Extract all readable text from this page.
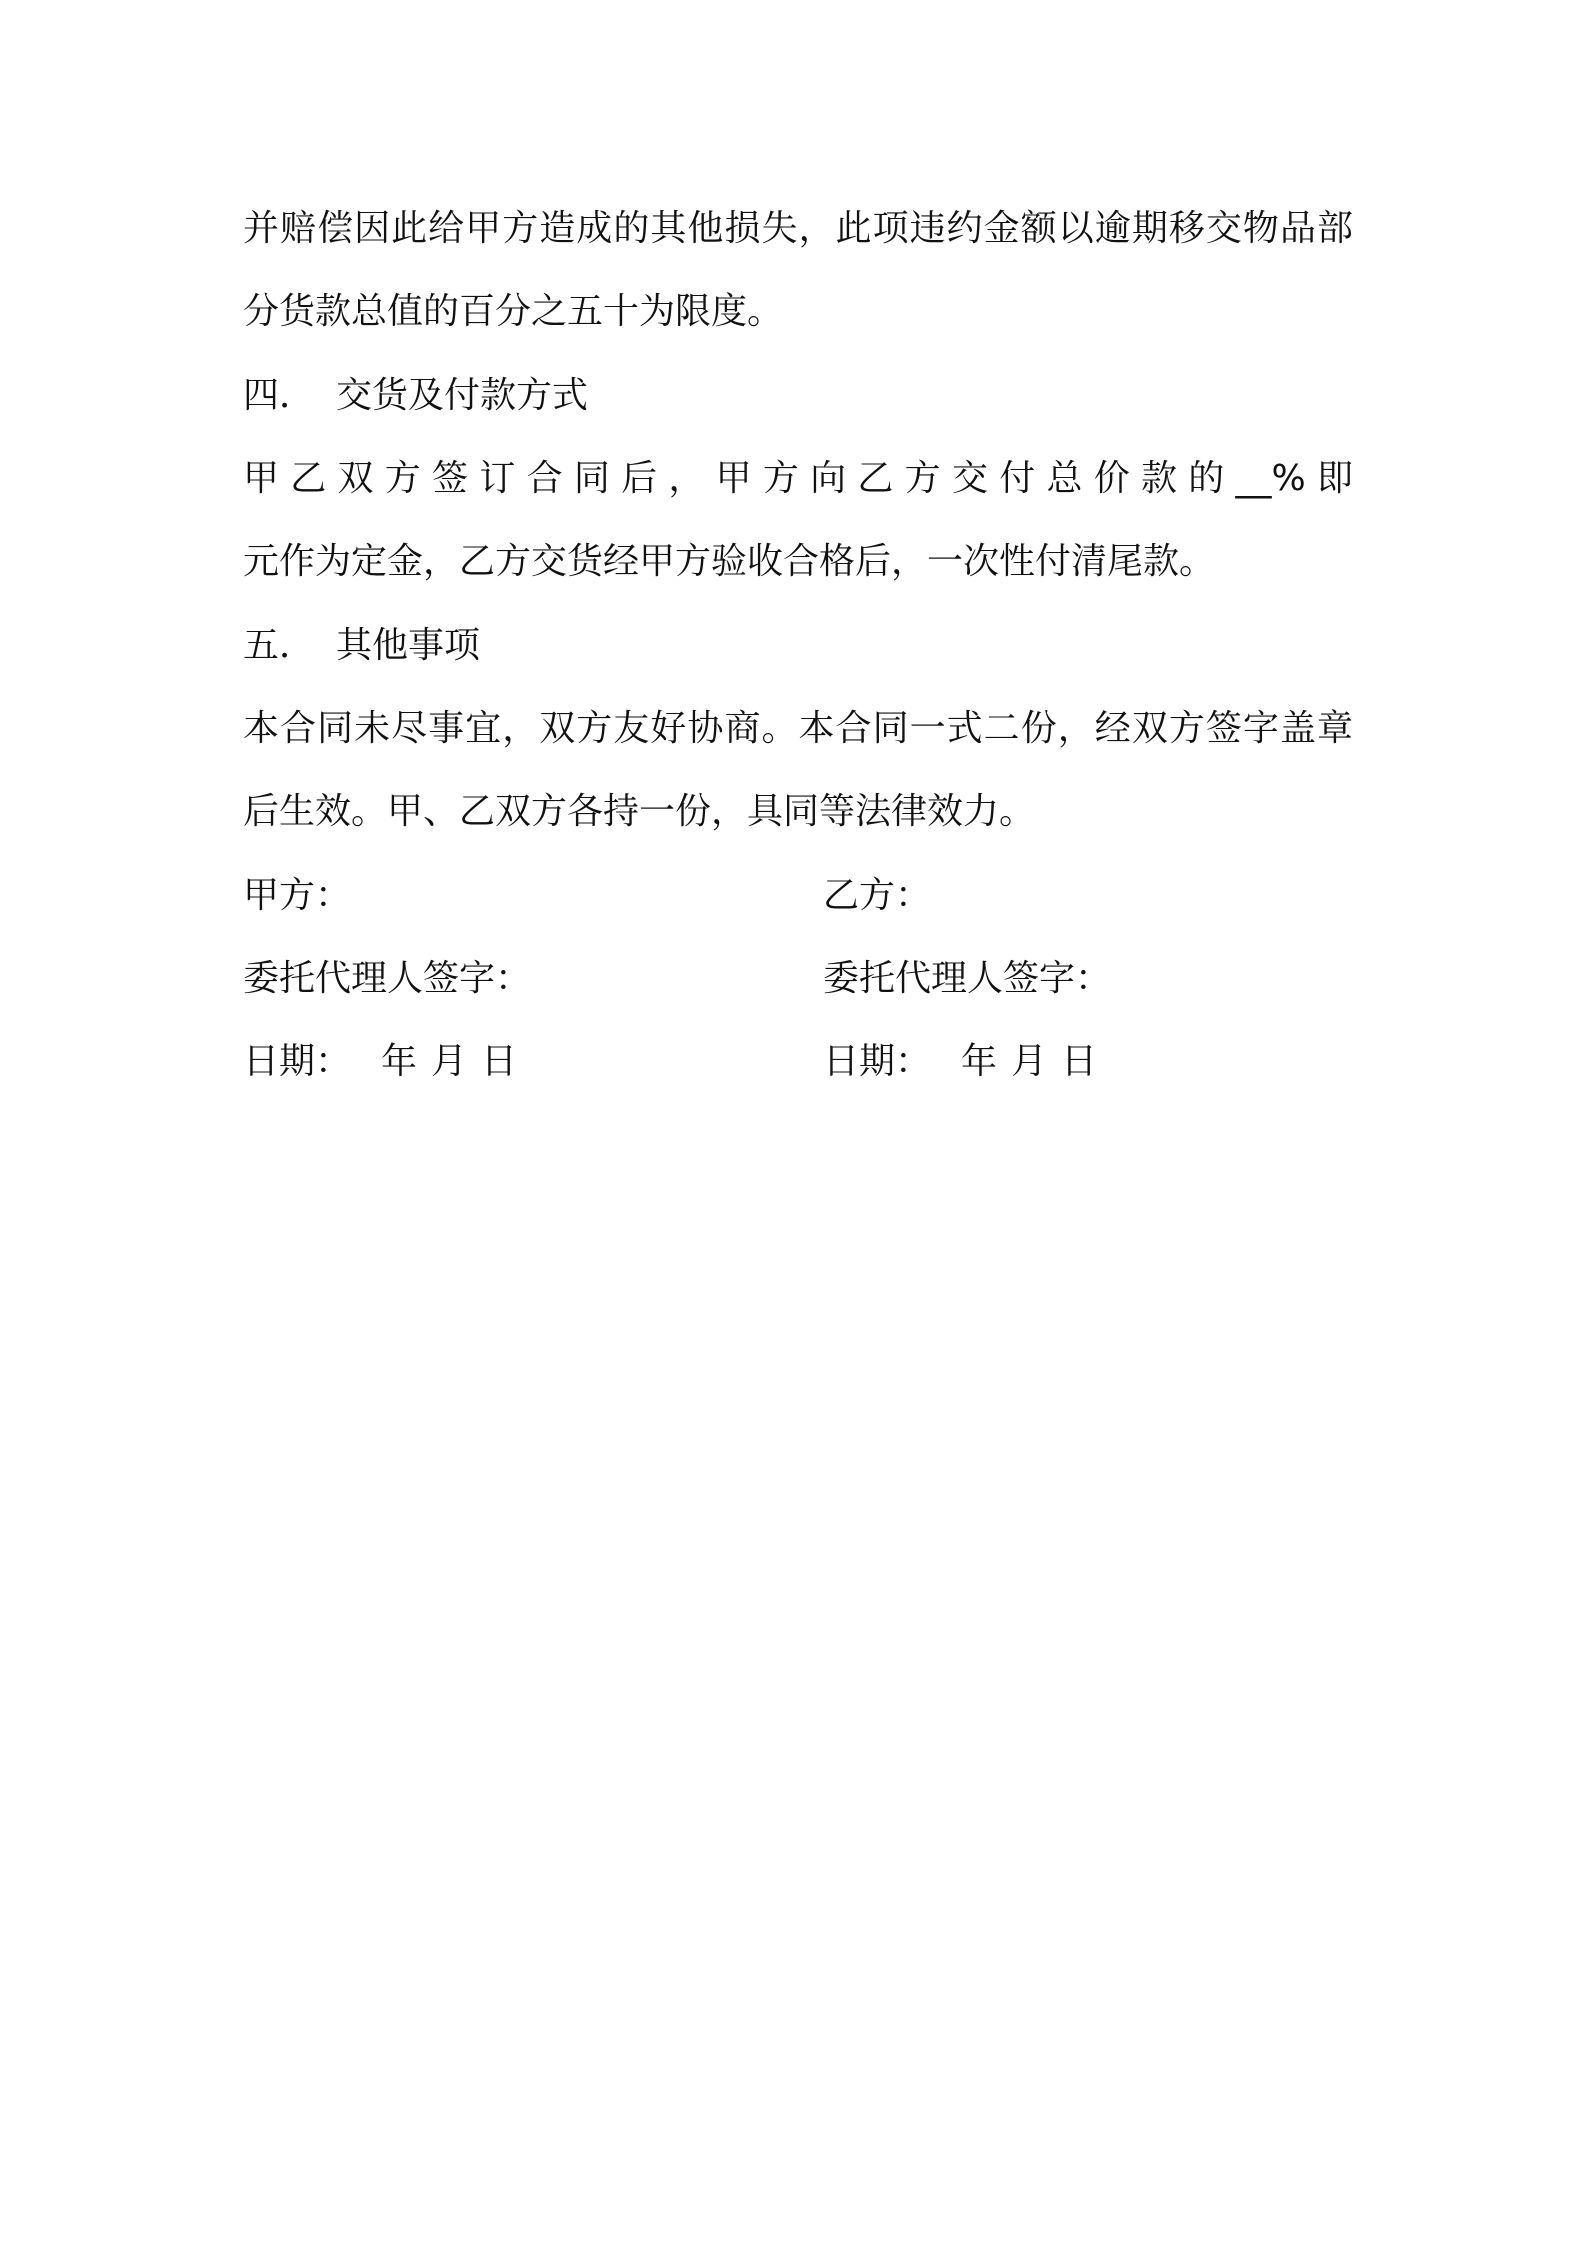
并赔偿因此给甲方造成的其他损失，此项违约金额以逾期移交物品部
分货款总值的百分之五十为限度。
四． 交货及付款方式
甲乙双方签订合同后，甲方向乙方交付总价款的__%即
元作为定金，乙方交货经甲方验收合格后，一次性付清尾款。
五． 其他事项
本合同未尽事宜，双方友好协商。本合同一式二份，经双方签字盖章
后生效。甲、乙双方各持一份，具同等法律效力。
甲方：	乙方：
委托代理人签字：	委托代理人签字：
日期： 年 月 日	日期： 年 月 日
